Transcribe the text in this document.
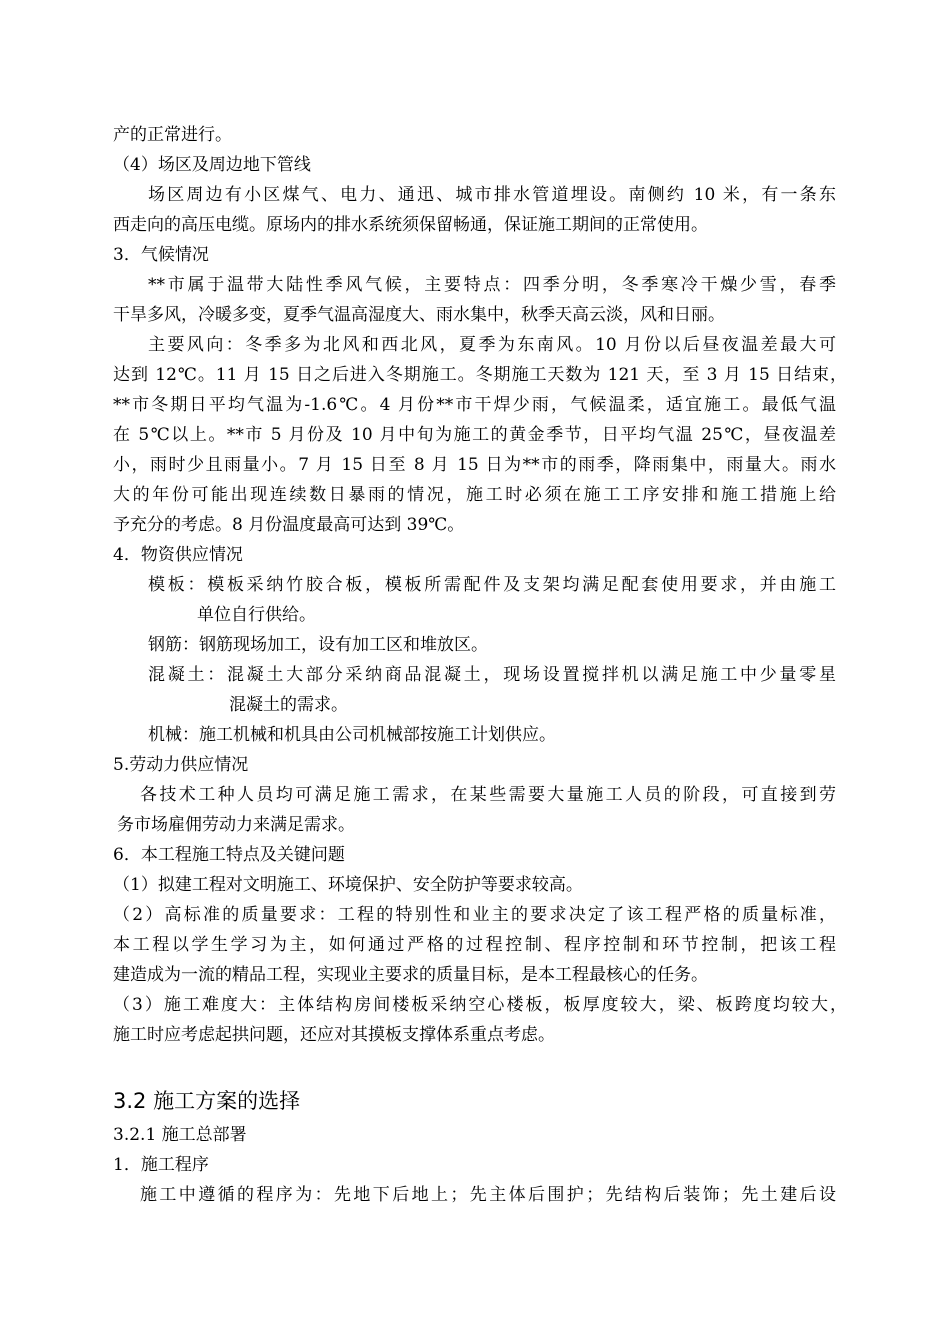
产的正常进行。
（4）场区及周边地下管线
场区周边有小区煤气、电力、通迅、城市排水管道埋设。南侧约 10 米，有一条东
西走向的高压电缆。原场内的排水系统须保留畅通，保证施工期间的正常使用。
3．气候情况
**市属于温带大陆性季风气候，主要特点：四季分明，冬季寒冷干燥少雪，春季
干旱多风，冷暖多变，夏季气温高湿度大、雨水集中，秋季天高云淡，风和日丽。
主要风向：冬季多为北风和西北风，夏季为东南风。10 月份以后昼夜温差最大可
达到 12℃。11 月 15 日之后进入冬期施工。冬期施工天数为 121 天，至 3 月 15 日结束，
**市冬期日平均气温为-1.6℃。4 月份**市干焊少雨，气候温柔，适宜施工。最低气温
在 5℃以上。**市 5 月份及 10 月中旬为施工的黄金季节，日平均气温 25℃，昼夜温差
小，雨时少且雨量小。7 月 15 日至 8 月 15 日为**市的雨季，降雨集中，雨量大。雨水
大的年份可能出现连续数日暴雨的情况，施工时必须在施工工序安排和施工措施上给
予充分的考虑。8 月份温度最高可达到 39℃。
4．物资供应情况
模板：模板采纳竹胶合板，模板所需配件及支架均满足配套使用要求，并由施工
单位自行供给。
钢筋：钢筋现场加工，设有加工区和堆放区。
混凝土：混凝土大部分采纳商品混凝土，现场设置搅拌机以满足施工中少量零星
混凝土的需求。
机械：施工机械和机具由公司机械部按施工计划供应。
5.劳动力供应情况
各技术工种人员均可满足施工需求，在某些需要大量施工人员的阶段，可直接到劳
务市场雇佣劳动力来满足需求。
6．本工程施工特点及关键问题
（1）拟建工程对文明施工、环境保护、安全防护等要求较高。
（2）高标准的质量要求：工程的特别性和业主的要求决定了该工程严格的质量标准，
本工程以学生学习为主，如何通过严格的过程控制、程序控制和环节控制，把该工程
建造成为一流的精品工程，实现业主要求的质量目标，是本工程最核心的任务。
（3）施工难度大：主体结构房间楼板采纳空心楼板，板厚度较大，梁、板跨度均较大，
施工时应考虑起拱问题，还应对其摸板支撑体系重点考虑。
3.2 施工方案的选择
3.2.1 施工总部署
1．施工程序
施工中遵循的程序为：先地下后地上；先主体后围护；先结构后装饰；先土建后设
